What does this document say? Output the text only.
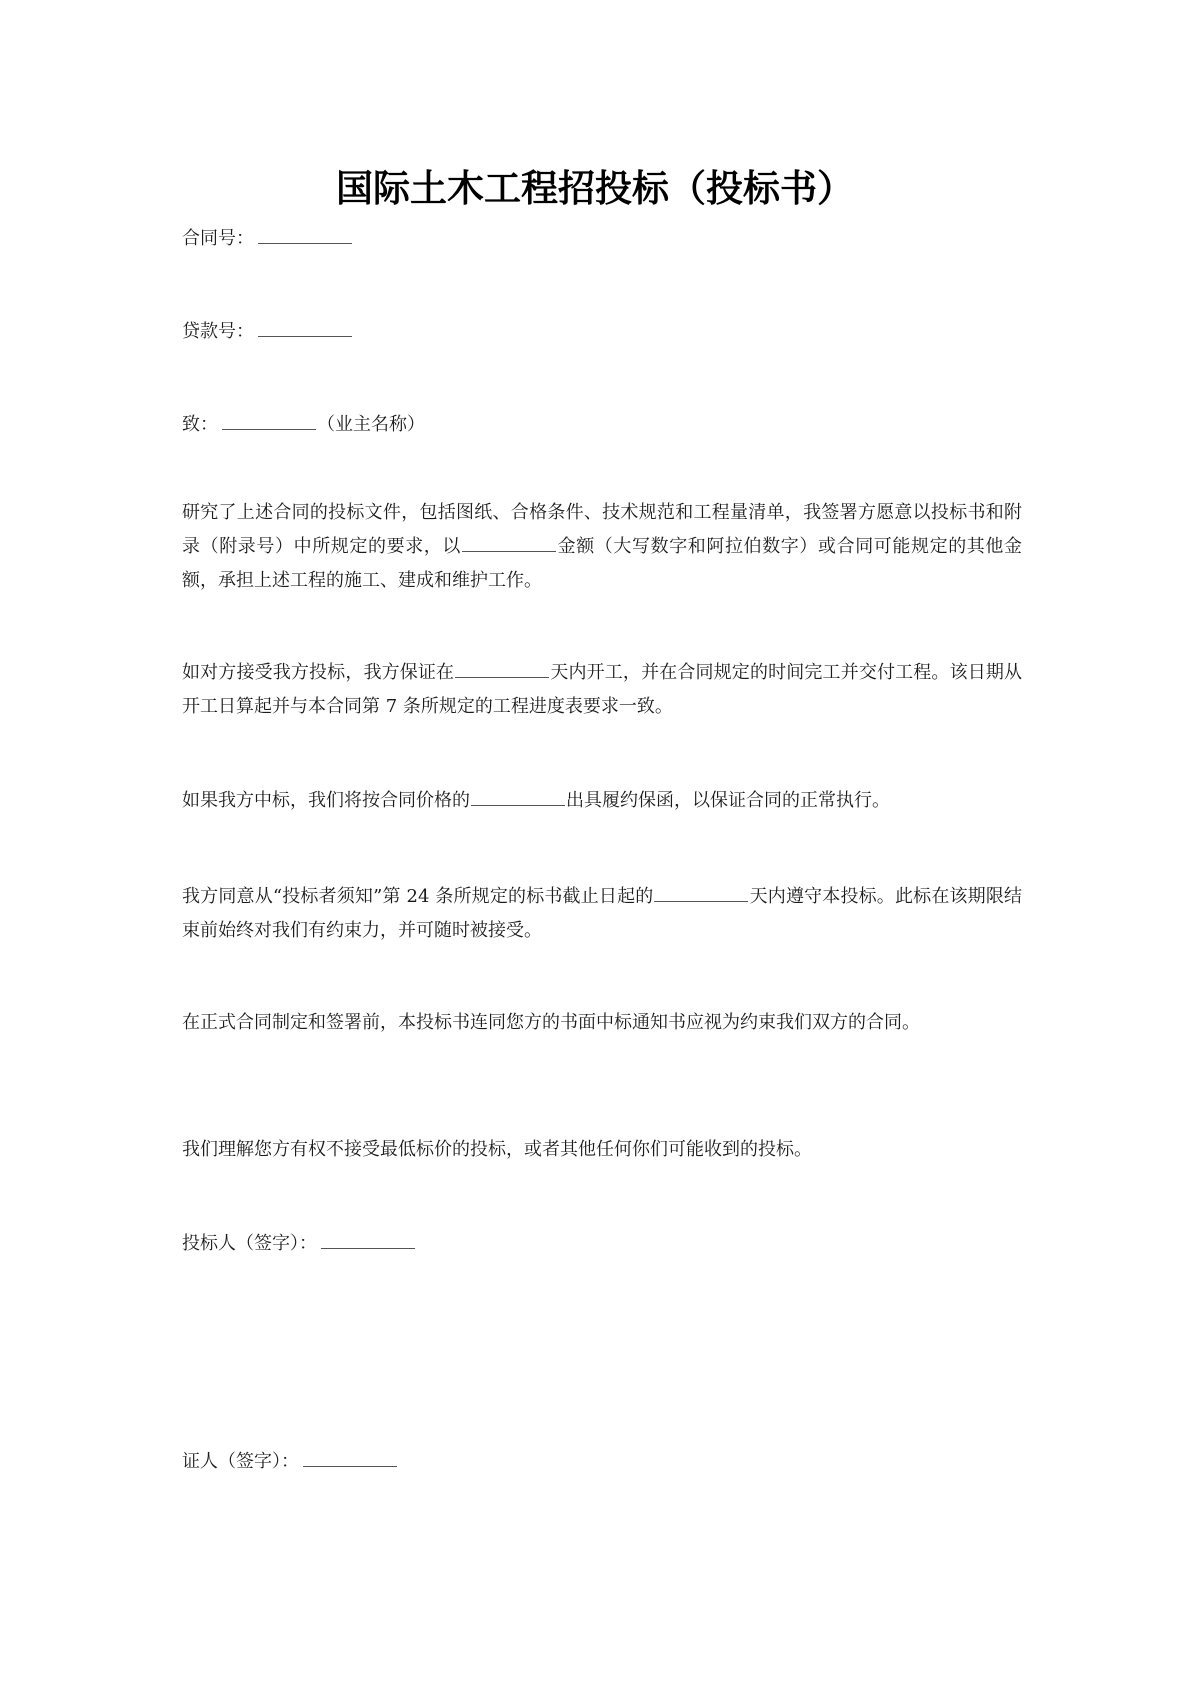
国际土木工程招投标（投标书）
合同号：
贷款号：
致：	（业主名称）
研究了上述合同的投标文件，包括图纸、合格条件、技术规范和工程量清单，我签署方愿意以投标书和附录（附录号）中所规定的要求，以	金额（大写数字和阿拉伯数字）或合同可能规定的其他金额，承担上述工程的施工、建成和维护工作。
如对方接受我方投标，我方保证在	天内开工，并在合同规定的时间完工并交付工程。该日期从开工日算起并与本合同第 7 条所规定的工程进度表要求一致。
如果我方中标，我们将按合同价格的	出具履约保函，以保证合同的正常执行。
我方同意从“投标者须知”第 24 条所规定的标书截止日起的	天内遵守本投标。此标在该期限结束前始终对我们有约束力，并可随时被接受。
在正式合同制定和签署前，本投标书连同您方的书面中标通知书应视为约束我们双方的合同。
我们理解您方有权不接受最低标价的投标，或者其他任何你们可能收到的投标。
投标人（签字）：
证人（签字）：
